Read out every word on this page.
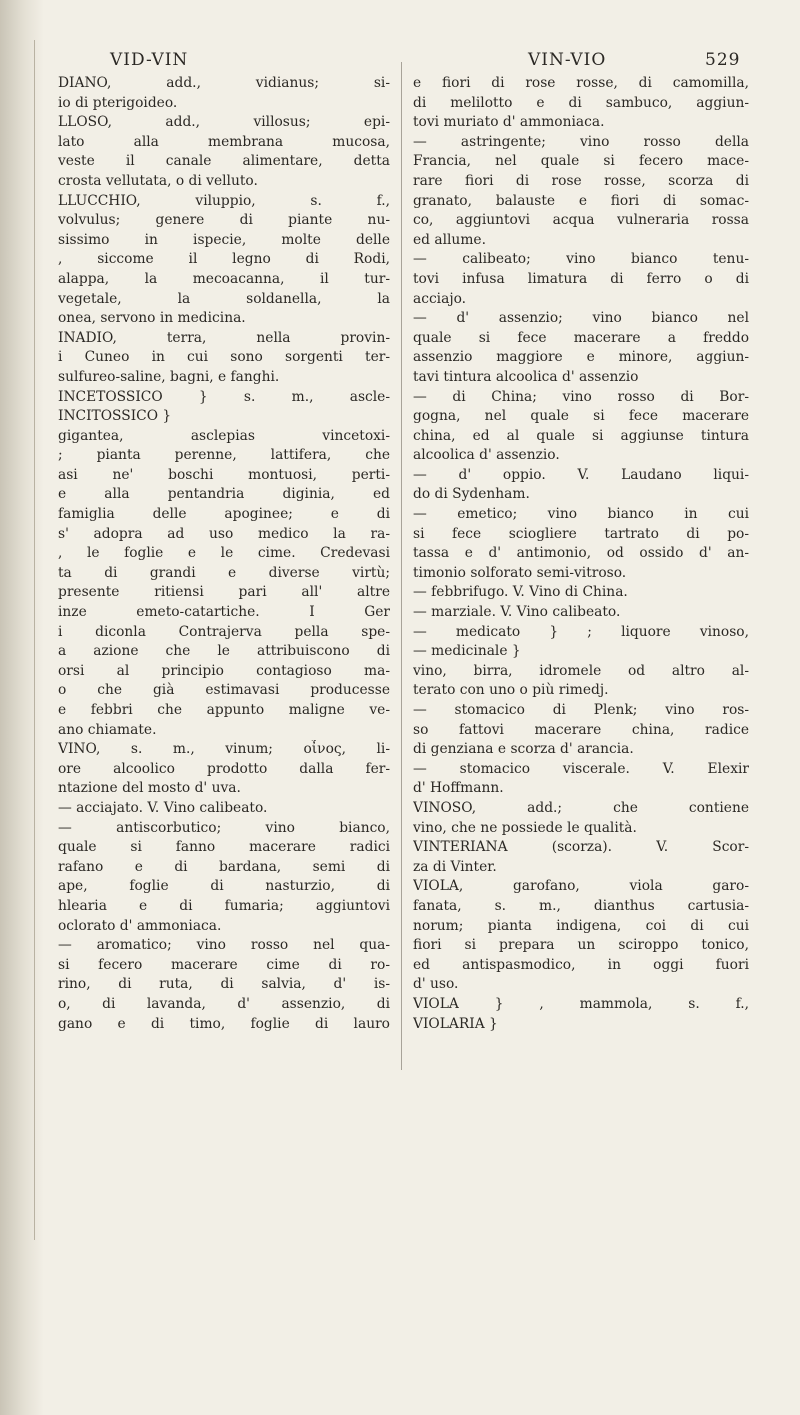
VID-VIN	VIN-VIO	529
DIANO, add., vidianus; si-
io di pterigoideo.
LLOSO, add., villosus; epi-
lato alla membrana mucosa,
veste il canale alimentare, detta
crosta vellutata, o di velluto.
LLUCCHIO, viluppio, s. f.,
volvulus; genere di piante nu-
sissimo in ispecie, molte delle
, siccome il legno di Rodi,
alappa, la mecoacanna, il tur-
vegetale, la soldanella, la
onea, servono in medicina.
INADIO, terra, nella provin-
i Cuneo in cui sono sorgenti ter-
sulfureo-saline, bagni, e fanghi.
INCETOSSICO } s. m., ascle-
INCITOSSICO }
gigantea, asclepias vincetoxi-
; pianta perenne, lattifera, che
asi ne' boschi montuosi, perti-
e alla pentandria diginia, ed
famiglia delle apoginee; e di
s' adopra ad uso medico la ra-
, le foglie e le cime. Credevasi
ta di grandi e diverse virtù;
presente ritiensi pari all' altre
inze emeto-catartiche. I Ger
i diconla Contrajerva pella spe-
a azione che le attribuiscono di
orsi al principio contagioso ma-
o che già estimavasi producesse
e febbri che appunto maligne ve-
ano chiamate.
VINO, s. m., vinum; οἶνος, li-
ore alcoolico prodotto dalla fer-
ntazione del mosto d' uva.
— acciajato. V. Vino calibeato.
— antiscorbutico; vino bianco,
quale si fanno macerare radici
rafano e di bardana, semi di
ape, foglie di nasturzio, di
hlearia e di fumaria; aggiuntovi
oclorato d' ammoniaca.
— aromatico; vino rosso nel qua-
si fecero macerare cime di ro-
rino, di ruta, di salvia, d' is-
o, di lavanda, d' assenzio, di
gano e di timo, foglie di lauro
e fiori di rose rosse, di camomilla,
di melilotto e di sambuco, aggiun-
tovi muriato d' ammoniaca.
— astringente; vino rosso della
Francia, nel quale si fecero mace-
rare fiori di rose rosse, scorza di
granato, balauste e fiori di somac-
co, aggiuntovi acqua vulneraria rossa
ed allume.
— calibeato; vino bianco tenu-
tovi infusa limatura di ferro o di
acciajo.
— d' assenzio; vino bianco nel
quale si fece macerare a freddo
assenzio maggiore e minore, aggiun-
tavi tintura alcoolica d' assenzio
— di China; vino rosso di Bor-
gogna, nel quale si fece macerare
china, ed al quale si aggiunse tintura
alcoolica d' assenzio.
— d' oppio. V. Laudano liqui-
do di Sydenham.
— emetico; vino bianco in cui
si fece sciogliere tartrato di po-
tassa e d' antimonio, od ossido d' an-
timonio solforato semi-vitroso.
— febbrifugo. V. Vino di China.
— marziale. V. Vino calibeato.
— medicato } ; liquore vinoso,
— medicinale }
vino, birra, idromele od altro al-
terato con uno o più rimedj.
— stomacico di Plenk; vino ros-
so fattovi macerare china, radice
di genziana e scorza d' arancia.
— stomacico viscerale. V. Elexir
d' Hoffmann.
VINOSO, add.; che contiene
vino, che ne possiede le qualità.
VINTERIANA (scorza). V. Scor-
za di Vinter.
VIOLA, garofano, viola garo-
fanata, s. m., dianthus cartusia-
norum; pianta indigena, coi di cui
fiori si prepara un sciroppo tonico,
ed antispasmodico, in oggi fuori
d' uso.
VIOLA } , mammola, s. f.,
VIOLARIA }
